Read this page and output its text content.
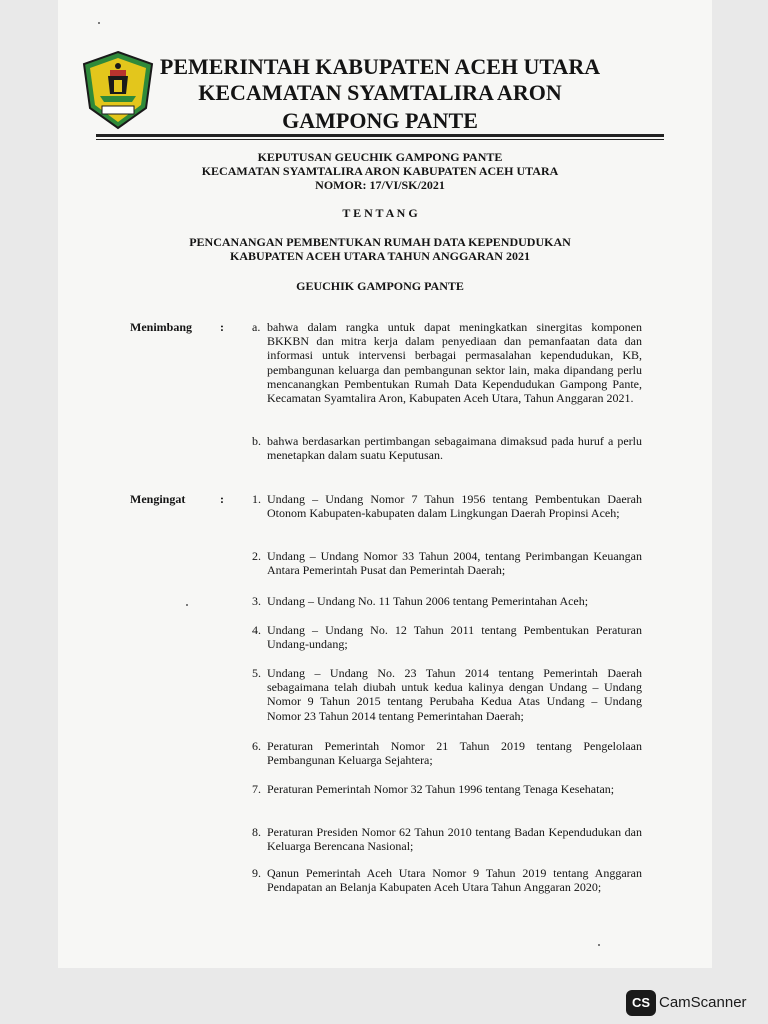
PEMERINTAH KABUPATEN ACEH UTARA
KECAMATAN SYAMTALIRA ARON
GAMPONG PANTE
KEPUTUSAN GEUCHIK GAMPONG PANTE
KECAMATAN SYAMTALIRA ARON KABUPATEN ACEH UTARA
NOMOR: 17/VI/SK/2021
T E N T A N G
PENCANANGAN PEMBENTUKAN RUMAH DATA KEPENDUDUKAN
KABUPATEN ACEH UTARA TAHUN ANGGARAN 2021
GEUCHIK GAMPONG PANTE
Menimbang : a. bahwa dalam rangka untuk dapat meningkatkan sinergitas komponen BKKBN dan mitra kerja dalam penyediaan dan pemanfaatan data dan informasi untuk intervensi berbagai permasalahan kependudukan, KB, pembangunan keluarga dan pembangunan sektor lain, maka dipandang perlu mencanangkan Pembentukan Rumah Data Kependudukan Gampong Pante, Kecamatan Syamtalira Aron, Kabupaten Aceh Utara, Tahun Anggaran 2021.
b. bahwa berdasarkan pertimbangan sebagaimana dimaksud pada huruf a perlu menetapkan dalam suatu Keputusan.
Mengingat	: 1. Undang – Undang Nomor 7 Tahun 1956 tentang Pembentukan Daerah Otonom Kabupaten-kabupaten dalam Lingkungan Daerah Propinsi Aceh;
2. Undang – Undang Nomor 33 Tahun 2004, tentang Perimbangan Keuangan Antara Pemerintah Pusat dan Pemerintah Daerah;
3. Undang – Undang No. 11 Tahun 2006 tentang Pemerintahan Aceh;
4. Undang – Undang No. 12 Tahun 2011 tentang Pembentukan Peraturan Undang-undang;
5. Undang – Undang No. 23 Tahun 2014 tentang Pemerintah Daerah sebagaimana telah diubah untuk kedua kalinya dengan Undang – Undang Nomor 9 Tahun 2015 tentang Perubaha Kedua Atas Undang – Undang Nomor 23 Tahun 2014 tentang Pemerintahan Daerah;
6. Peraturan Pemerintah Nomor 21 Tahun 2019 tentang Pengelolaan Pembangunan Keluarga Sejahtera;
7. Peraturan Pemerintah Nomor 32 Tahun 1996 tentang Tenaga Kesehatan;
8. Peraturan Presiden Nomor 62 Tahun 2010 tentang Badan Kependudukan dan Keluarga Berencana Nasional;
9. Qanun Pemerintah Aceh Utara Nomor 9 Tahun 2019 tentang Anggaran Pendapatan an Belanja Kabupaten Aceh Utara Tahun Anggaran 2020;
CS CamScanner
